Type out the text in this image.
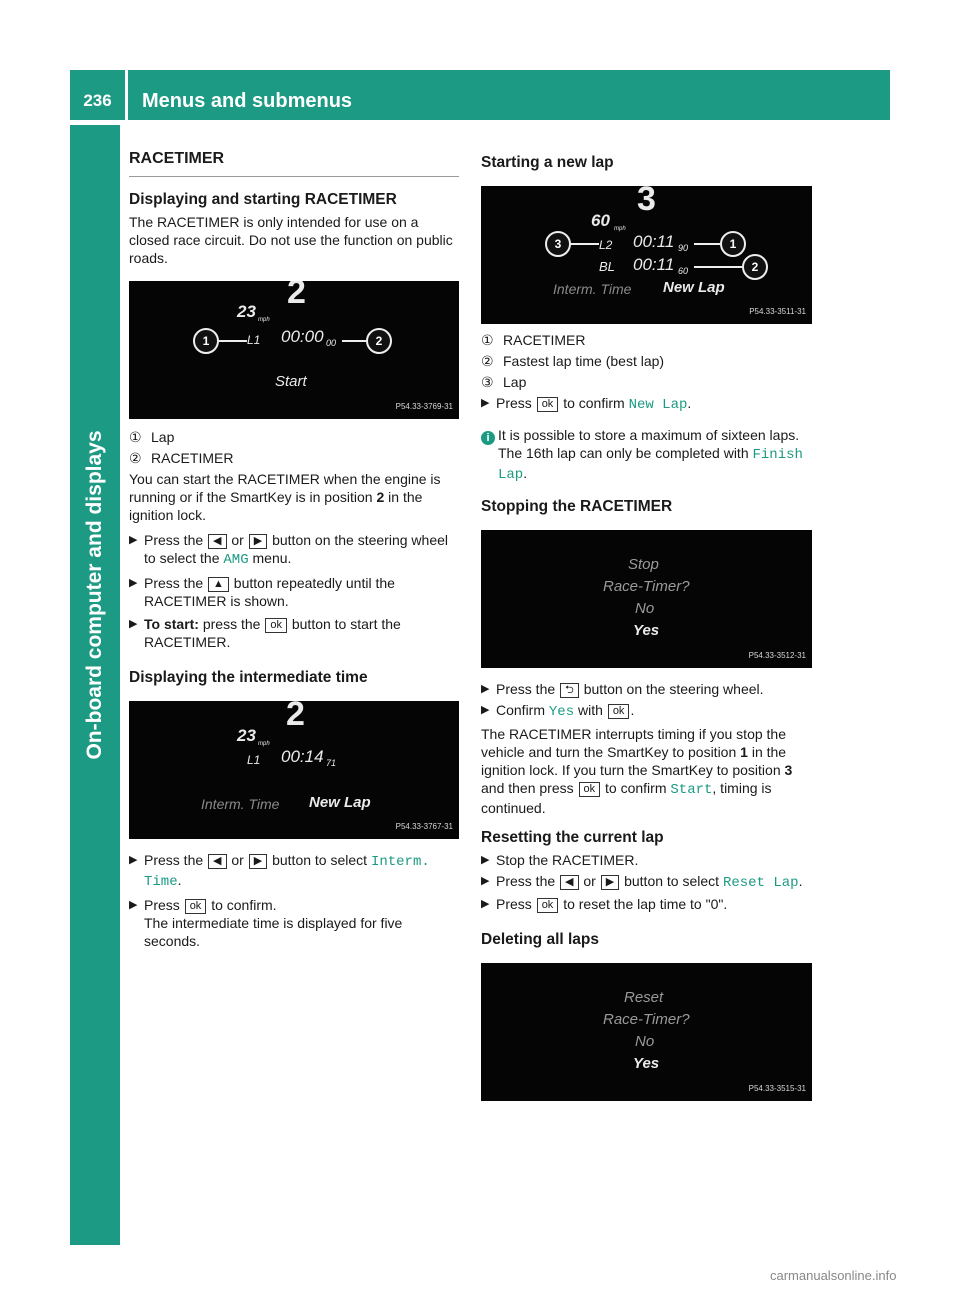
236	Menus and submenus
On-board computer and displays
RACETIMER
Displaying and starting RACETIMER

The RACETIMER is only intended for use on a closed race circuit. Do not use the function on public roads.

23 mph
2
L1 00:00 00
1	2
Start
P54.33-3769-31
① Lap
② RACETIMER

You can start the RACETIMER when the engine is running or if the SmartKey is in position 2 in the ignition lock.

▶ Press the ◀ or ▶ button on the steering wheel to select the AMG menu.
▶ Press the ▲ button repeatedly until the RACETIMER is shown.
▶ To start: press the ok button to start the RACETIMER.
Displaying the intermediate time
23 mph
2
L1 00:14 71
Interm. Time New Lap
P54.33-3767-31
▶ Press the ◀ or ▶ button to select Interm. Time.
▶ Press ok to confirm.
The intermediate time is displayed for five seconds.
Starting a new lap
60 mph
3
L2 00:11 90
BL 00:11 60
3	1
2
Interm. Time New Lap
P54.33-3511-31
① RACETIMER
② Fastest lap time (best lap)
③ Lap
▶ Press ok to confirm New Lap.
i It is possible to store a maximum of sixteen laps. The 16th lap can only be completed with Finish Lap.
Stopping the RACETIMER
Stop
Race-Timer?
No
Yes
P54.33-3512-31
▶ Press the ⮌ button on the steering wheel.
▶ Confirm Yes with ok .

The RACETIMER interrupts timing if you stop the vehicle and turn the SmartKey to position 1 in the ignition lock. If you turn the SmartKey to position 3 and then press ok to confirm Start, timing is continued.

Resetting the current lap
▶ Stop the RACETIMER.
▶ Press the ◀ or ▶ button to select Reset Lap.
▶ Press ok to reset the lap time to "0".
Deleting all laps
Reset
Race-Timer?
No
Yes
P54.33-3515-31
carmanualsonline.info
